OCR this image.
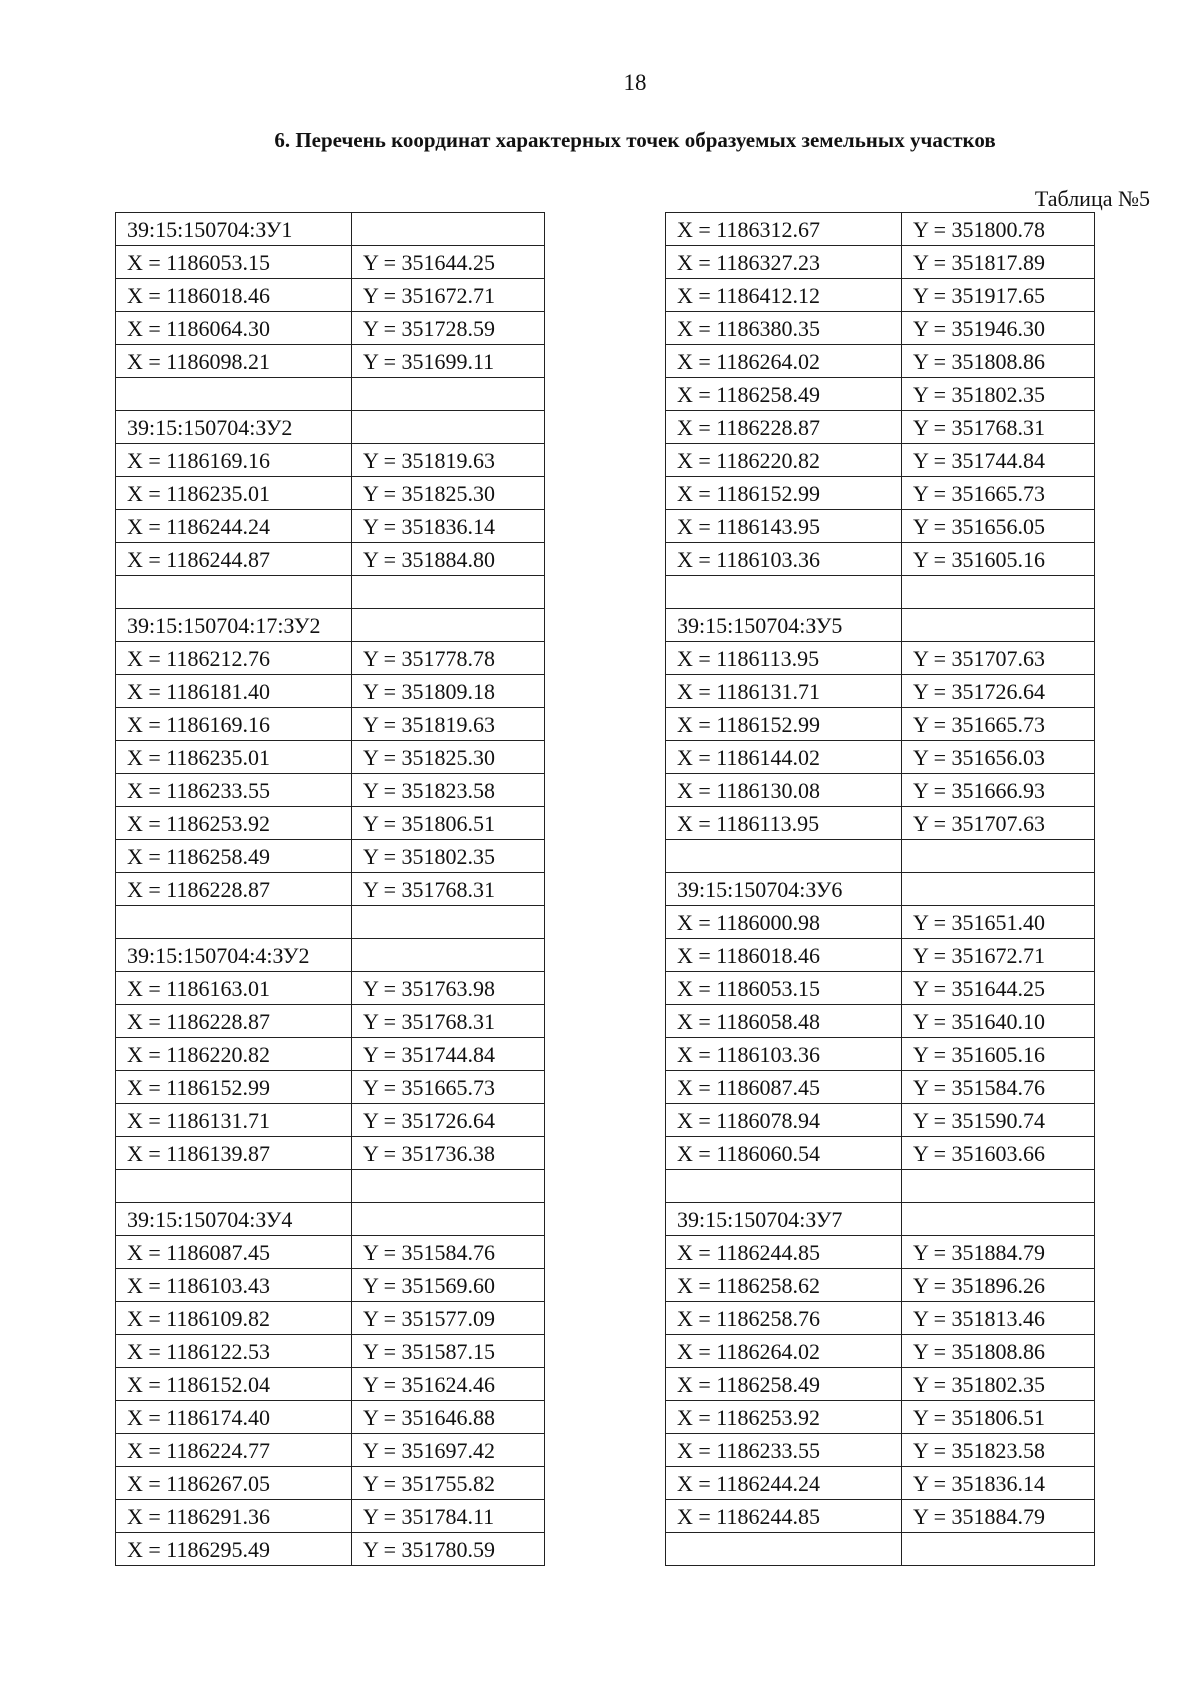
18
6. Перечень координат характерных точек образуемых земельных участков
Таблица №5
39:15:150704:ЗУ1	
X = 1186053.15	Y = 351644.25
X = 1186018.46	Y = 351672.71
X = 1186064.30	Y = 351728.59
X = 1186098.21	Y = 351699.11

39:15:150704:ЗУ2	
X = 1186169.16	Y = 351819.63
X = 1186235.01	Y = 351825.30
X = 1186244.24	Y = 351836.14
X = 1186244.87	Y = 351884.80

39:15:150704:17:ЗУ2	
X = 1186212.76	Y = 351778.78
X = 1186181.40	Y = 351809.18
X = 1186169.16	Y = 351819.63
X = 1186235.01	Y = 351825.30
X = 1186233.55	Y = 351823.58
X = 1186253.92	Y = 351806.51
X = 1186258.49	Y = 351802.35
X = 1186228.87	Y = 351768.31

39:15:150704:4:ЗУ2	
X = 1186163.01	Y = 351763.98
X = 1186228.87	Y = 351768.31
X = 1186220.82	Y = 351744.84
X = 1186152.99	Y = 351665.73
X = 1186131.71	Y = 351726.64
X = 1186139.87	Y = 351736.38

39:15:150704:ЗУ4	
X = 1186087.45	Y = 351584.76
X = 1186103.43	Y = 351569.60
X = 1186109.82	Y = 351577.09
X = 1186122.53	Y = 351587.15
X = 1186152.04	Y = 351624.46
X = 1186174.40	Y = 351646.88
X = 1186224.77	Y = 351697.42
X = 1186267.05	Y = 351755.82
X = 1186291.36	Y = 351784.11
X = 1186295.49	Y = 351780.59
X = 1186312.67	Y = 351800.78
X = 1186327.23	Y = 351817.89
X = 1186412.12	Y = 351917.65
X = 1186380.35	Y = 351946.30
X = 1186264.02	Y = 351808.86
X = 1186258.49	Y = 351802.35
X = 1186228.87	Y = 351768.31
X = 1186220.82	Y = 351744.84
X = 1186152.99	Y = 351665.73
X = 1186143.95	Y = 351656.05
X = 1186103.36	Y = 351605.16

39:15:150704:ЗУ5	
X = 1186113.95	Y = 351707.63
X = 1186131.71	Y = 351726.64
X = 1186152.99	Y = 351665.73
X = 1186144.02	Y = 351656.03
X = 1186130.08	Y = 351666.93
X = 1186113.95	Y = 351707.63

39:15:150704:ЗУ6	
X = 1186000.98	Y = 351651.40
X = 1186018.46	Y = 351672.71
X = 1186053.15	Y = 351644.25
X = 1186058.48	Y = 351640.10
X = 1186103.36	Y = 351605.16
X = 1186087.45	Y = 351584.76
X = 1186078.94	Y = 351590.74
X = 1186060.54	Y = 351603.66

39:15:150704:ЗУ7	
X = 1186244.85	Y = 351884.79
X = 1186258.62	Y = 351896.26
X = 1186258.76	Y = 351813.46
X = 1186264.02	Y = 351808.86
X = 1186258.49	Y = 351802.35
X = 1186253.92	Y = 351806.51
X = 1186233.55	Y = 351823.58
X = 1186244.24	Y = 351836.14
X = 1186244.85	Y = 351884.79
